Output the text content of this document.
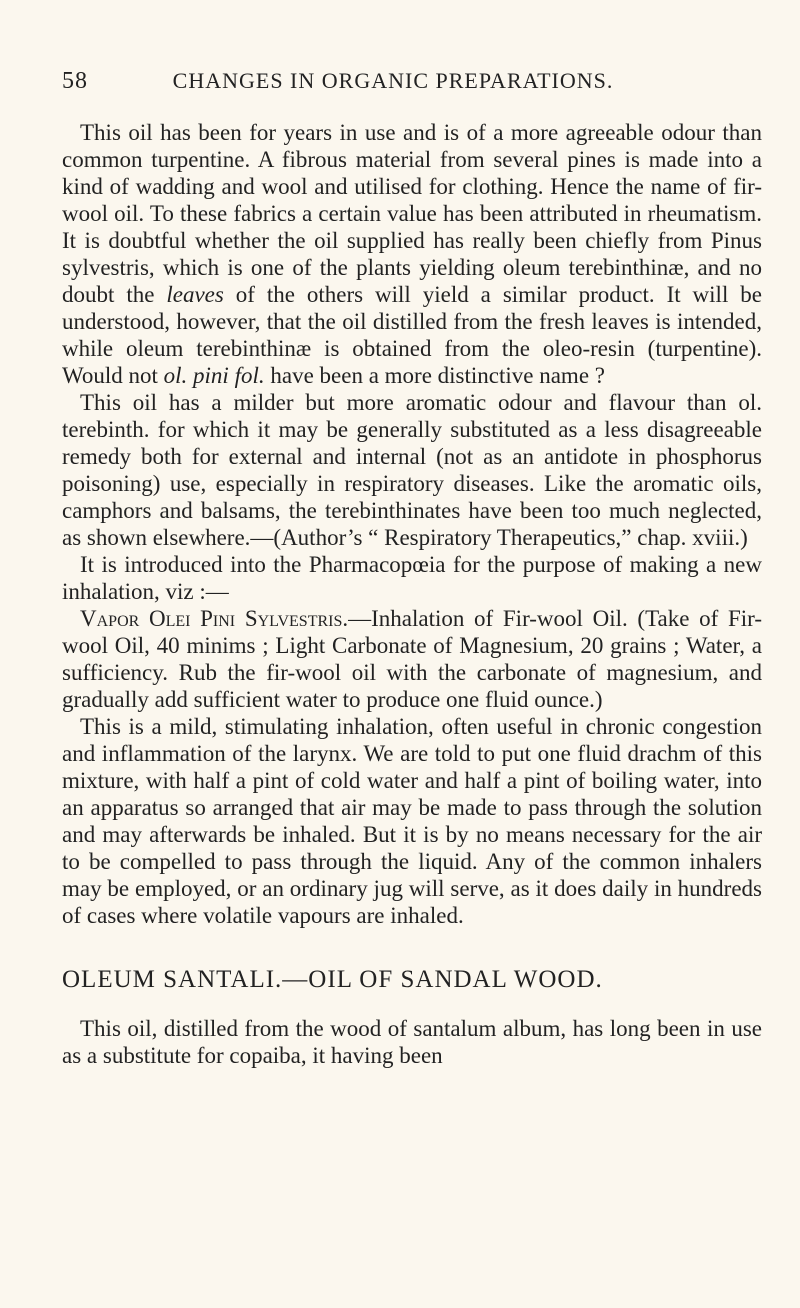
58	CHANGES IN ORGANIC PREPARATIONS.

This oil has been for years in use and is of a more agreeable odour than common turpentine. A fibrous material from several pines is made into a kind of wadding and wool and utilised for clothing. Hence the name of fir-wool oil. To these fabrics a certain value has been attributed in rheumatism. It is doubtful whether the oil supplied has really been chiefly from Pinus sylvestris, which is one of the plants yielding oleum terebinthinæ, and no doubt the leaves of the others will yield a similar product. It will be understood, however, that the oil distilled from the fresh leaves is intended, while oleum terebinthinæ is obtained from the oleo-resin (turpentine). Would not ol. pini fol. have been a more distinctive name ?

This oil has a milder but more aromatic odour and flavour than ol. terebinth. for which it may be generally substituted as a less disagreeable remedy both for external and internal (not as an antidote in phosphorus poisoning) use, especially in respiratory diseases. Like the aromatic oils, camphors and balsams, the terebinthinates have been too much neglected, as shown elsewhere.—(Author’s “ Respiratory Therapeutics,” chap. xviii.)

It is introduced into the Pharmacopœia for the purpose of making a new inhalation, viz :—

Vapor Olei Pini Sylvestris.—Inhalation of Fir-wool Oil. (Take of Fir-wool Oil, 40 minims ; Light Carbonate of Magnesium, 20 grains ; Water, a sufficiency. Rub the fir-wool oil with the carbonate of magnesium, and gradually add sufficient water to produce one fluid ounce.)

This is a mild, stimulating inhalation, often useful in chronic congestion and inflammation of the larynx. We are told to put one fluid drachm of this mixture, with half a pint of cold water and half a pint of boiling water, into an apparatus so arranged that air may be made to pass through the solution and may afterwards be inhaled. But it is by no means necessary for the air to be compelled to pass through the liquid. Any of the common inhalers may be employed, or an ordinary jug will serve, as it does daily in hundreds of cases where volatile vapours are inhaled.

OLEUM SANTALI.—OIL OF SANDAL WOOD.

This oil, distilled from the wood of santalum album, has long been in use as a substitute for copaiba, it having been
